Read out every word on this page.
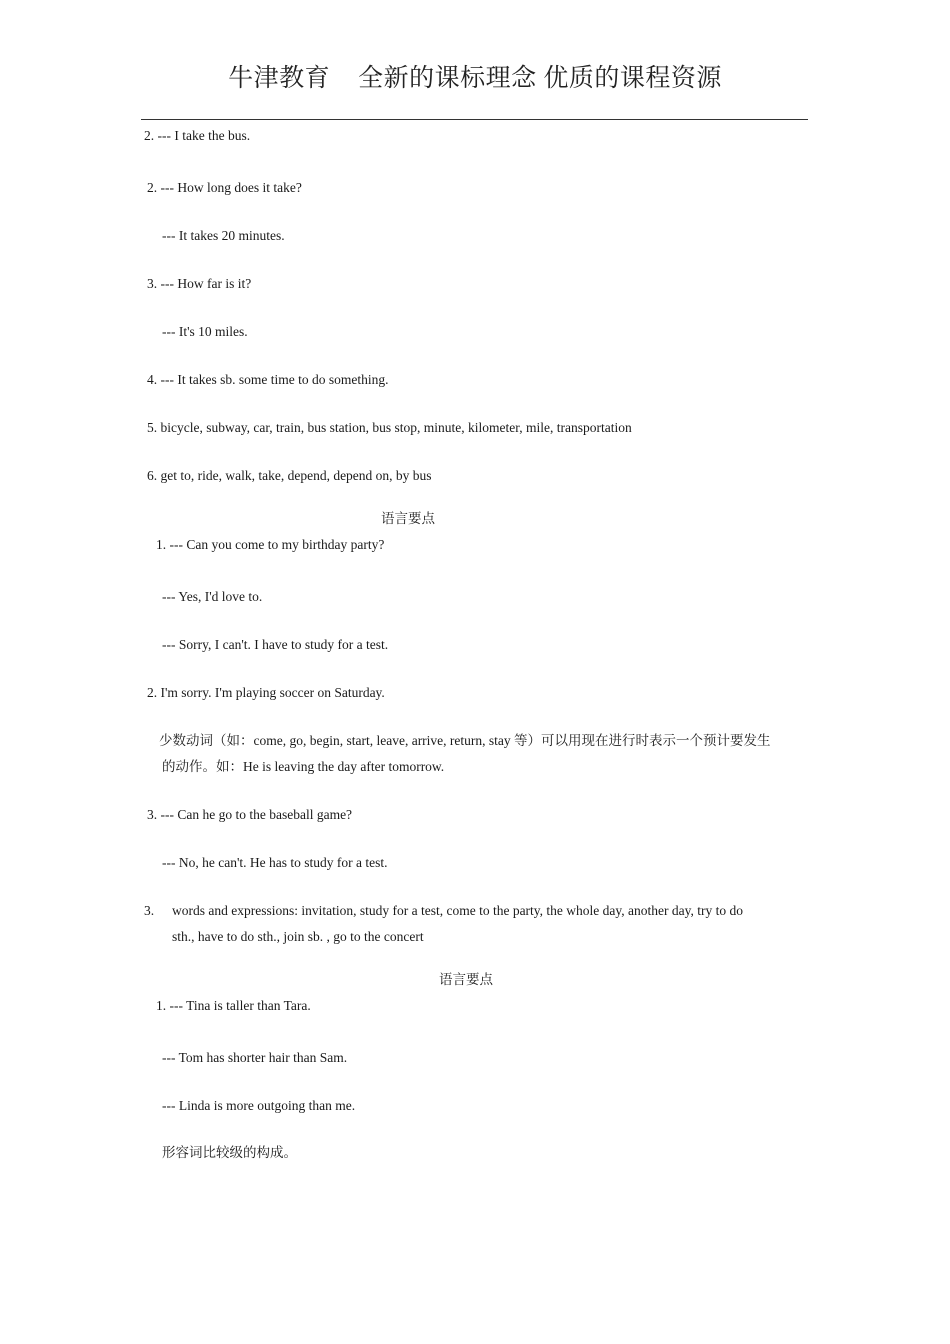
牛津教育 全新的课标理念 优质的课程资源
2. --- I take the bus.
2. --- How long does it take?
--- It takes 20 minutes.
3. --- How far is it?
--- It's 10 miles.
4. --- It takes sb. some time to do something.
5. bicycle, subway, car, train, bus station, bus stop, minute, kilometer, mile, transportation
6. get to, ride, walk, take, depend, depend on, by bus
语言要点
1. --- Can you come to my birthday party?
--- Yes, I'd love to.
--- Sorry, I can't. I have to study for a test.
2. I'm sorry. I'm playing soccer on Saturday.
少数动词（如：come, go, begin, start, leave, arrive, return, stay 等）可以用现在进行时表示一个预计要发生
的动作。如：He is leaving the day after tomorrow.
3. --- Can he go to the baseball game?
--- No, he can't. He has to study for a test.
3. words and expressions: invitation, study for a test, come to the party, the whole day, another day, try to do
sth., have to do sth., join sb. , go to the concert
语言要点
1. --- Tina is taller than Tara.
--- Tom has shorter hair than Sam.
--- Linda is more outgoing than me.
形容词比较级的构成。
